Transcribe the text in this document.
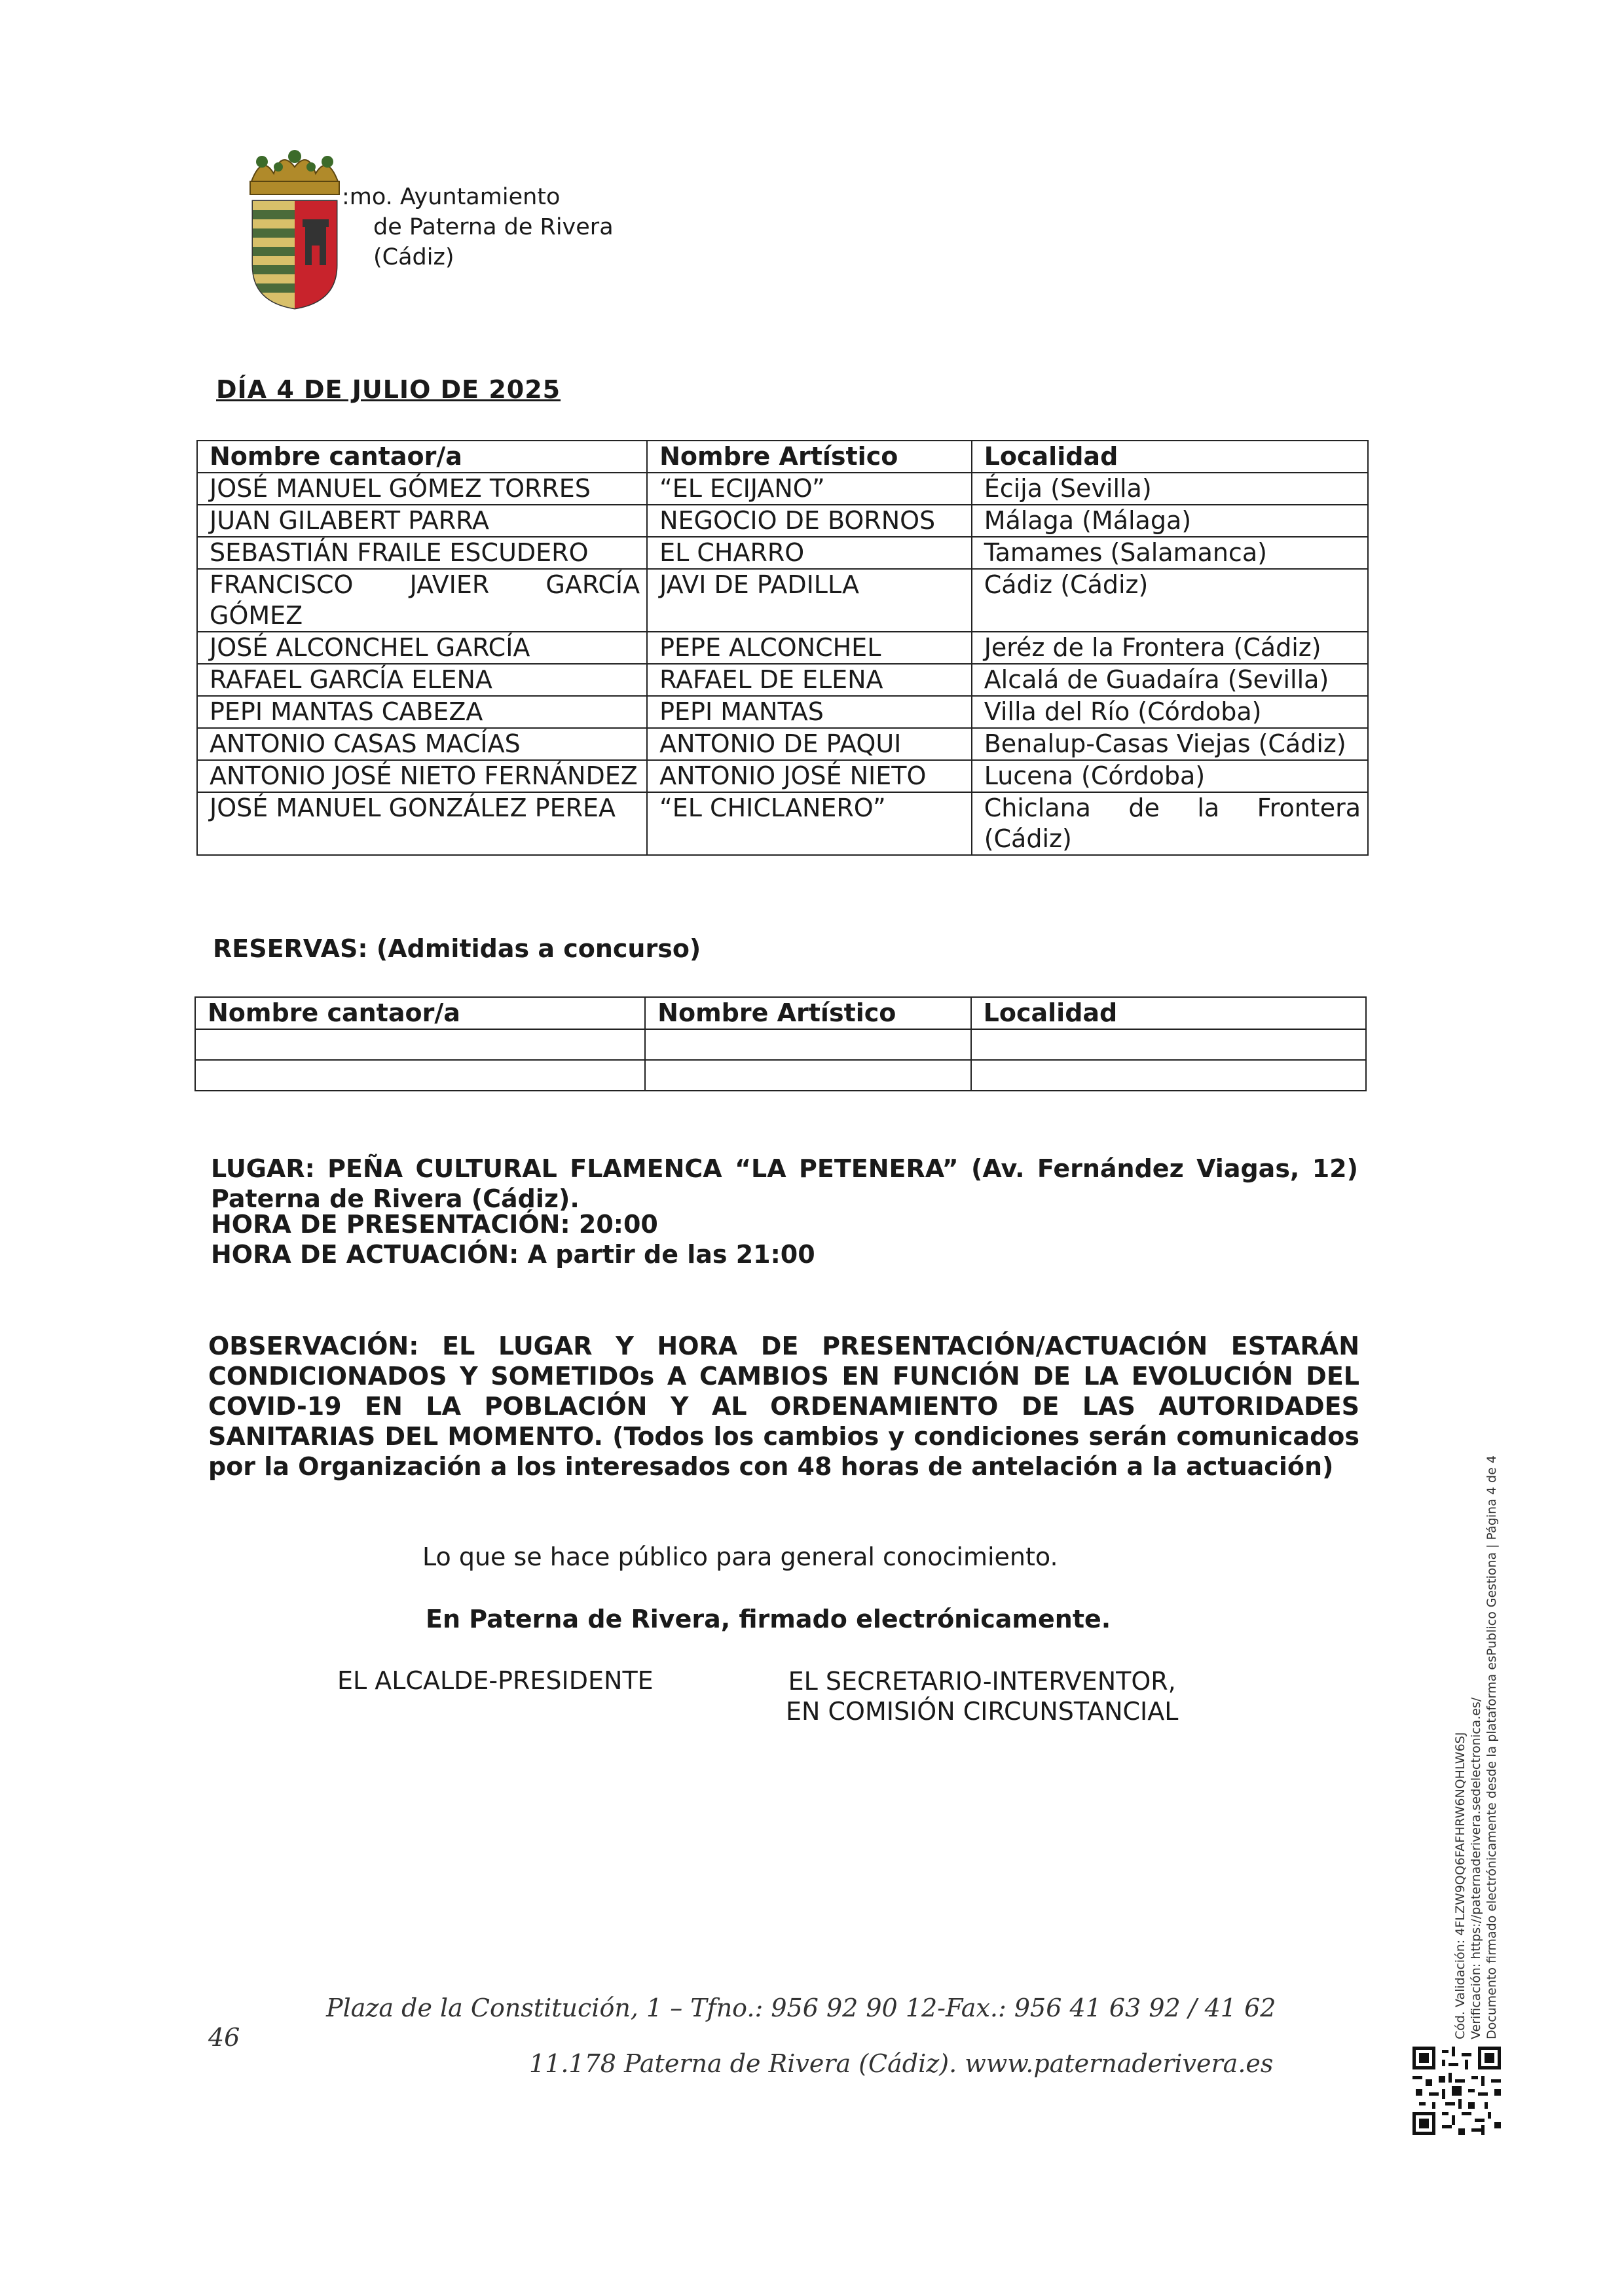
:mo. Ayuntamiento
de Paterna de Rivera
(Cádiz)
DÍA 4 DE JULIO DE 2025
Nombre cantaor/a	Nombre Artístico	Localidad
JOSÉ MANUEL GÓMEZ TORRES	“EL ECIJANO”	Écija (Sevilla)
JUAN GILABERT PARRA	NEGOCIO DE BORNOS	Málaga (Málaga)
SEBASTIÁN FRAILE ESCUDERO	EL CHARRO	Tamames (Salamanca)
FRANCISCO JAVIER GARCÍA GÓMEZ	JAVI DE PADILLA	Cádiz (Cádiz)
JOSÉ ALCONCHEL GARCÍA	PEPE ALCONCHEL	Jeréz de la Frontera (Cádiz)
RAFAEL GARCÍA ELENA	RAFAEL DE ELENA	Alcalá de Guadaíra (Sevilla)
PEPI MANTAS CABEZA	PEPI MANTAS	Villa del Río (Córdoba)
ANTONIO CASAS MACÍAS	ANTONIO DE PAQUI	Benalup-Casas Viejas (Cádiz)
ANTONIO JOSÉ NIETO FERNÁNDEZ	ANTONIO JOSÉ NIETO	Lucena (Córdoba)
JOSÉ MANUEL GONZÁLEZ PEREA	“EL CHICLANERO”	Chiclana de la Frontera (Cádiz)
RESERVAS: (Admitidas a concurso)
Nombre cantaor/a	Nombre Artístico	Localidad

LUGAR: PEÑA CULTURAL FLAMENCA “LA PETENERA” (Av. Fernández Viagas, 12) Paterna de Rivera (Cádiz).
HORA DE PRESENTACIÓN: 20:00
HORA DE ACTUACIÓN: A partir de las 21:00
OBSERVACIÓN: EL LUGAR Y HORA DE PRESENTACIÓN/ACTUACIÓN ESTARÁN CONDICIONADOS Y SOMETIDOs A CAMBIOS EN FUNCIÓN DE LA EVOLUCIÓN DEL COVID-19 EN LA POBLACIÓN Y AL ORDENAMIENTO DE LAS AUTORIDADES SANITARIAS DEL MOMENTO. (Todos los cambios y condiciones serán comunicados por la Organización a los interesados con 48 horas de antelación a la actuación)
Lo que se hace público para general conocimiento.
En Paterna de Rivera, firmado electrónicamente.
EL ALCALDE-PRESIDENTE	EL SECRETARIO-INTERVENTOR,
EN COMISIÓN CIRCUNSTANCIAL
46
Plaza de la Constitución, 1 – Tfno.: 956 92 90 12-Fax.: 956 41 63 92 / 41 62
11.178 Paterna de Rivera (Cádiz). www.paternaderivera.es
Cód. Validación: 4FLZW9QQ6FAFHRW6NQHLW6SJ Verificación: https://paternaderivera.sedelectronica.es/ Documento firmado electrónicamente desde la plataforma esPublico Gestiona | Página 4 de 4
